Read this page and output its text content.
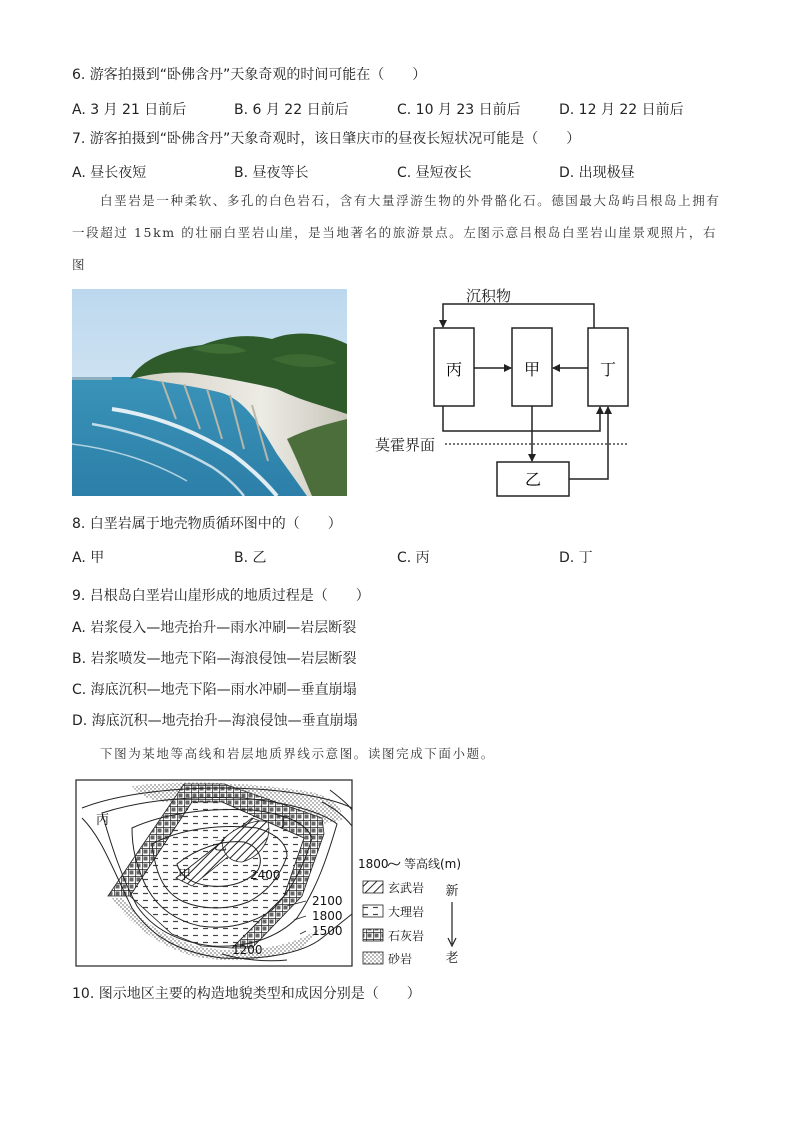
6. 游客拍摄到“卧佛含丹”天象奇观的时间可能在（　　）
A. 3 月 21 日前后	B. 6 月 22 日前后	C. 10 月 23 日前后	D. 12 月 22 日前后
7. 游客拍摄到“卧佛含丹”天象奇观时，该日肇庆市的昼夜长短状况可能是（　　）
A. 昼长夜短	B. 昼夜等长	C. 昼短夜长	D. 出现极昼
白垩岩是一种柔软、多孔的白色岩石，含有大量浮游生物的外骨骼化石。德国最大岛屿吕根岛上拥有
一段超过 15km 的壮丽白垩岩山崖，是当地著名的旅游景点。左图示意吕根岛白垩岩山崖景观照片，右图
沉积物
丙	甲	丁
莫霍界面
乙
8. 白垩岩属于地壳物质循环图中的（　　）
A. 甲	B. 乙	C. 丙	D. 丁
9. 吕根岛白垩岩山崖形成的地质过程是（　　）
A. 岩浆侵入—地壳抬升—雨水冲刷—岩层断裂
B. 岩浆喷发—地壳下陷—海浪侵蚀—岩层断裂
C. 海底沉积—地壳下陷—雨水冲刷—垂直崩塌
D. 海底沉积—地壳抬升—海浪侵蚀—垂直崩塌
下图为某地等高线和岩层地质界线示意图。读图完成下面小题。
丙	丁
乙
甲	2400
2100
1800
1500
1200
1800 等高线(m)
玄武岩
大理岩
石灰岩
砂岩
新
老
10. 图示地区主要的构造地貌类型和成因分别是（　　）
